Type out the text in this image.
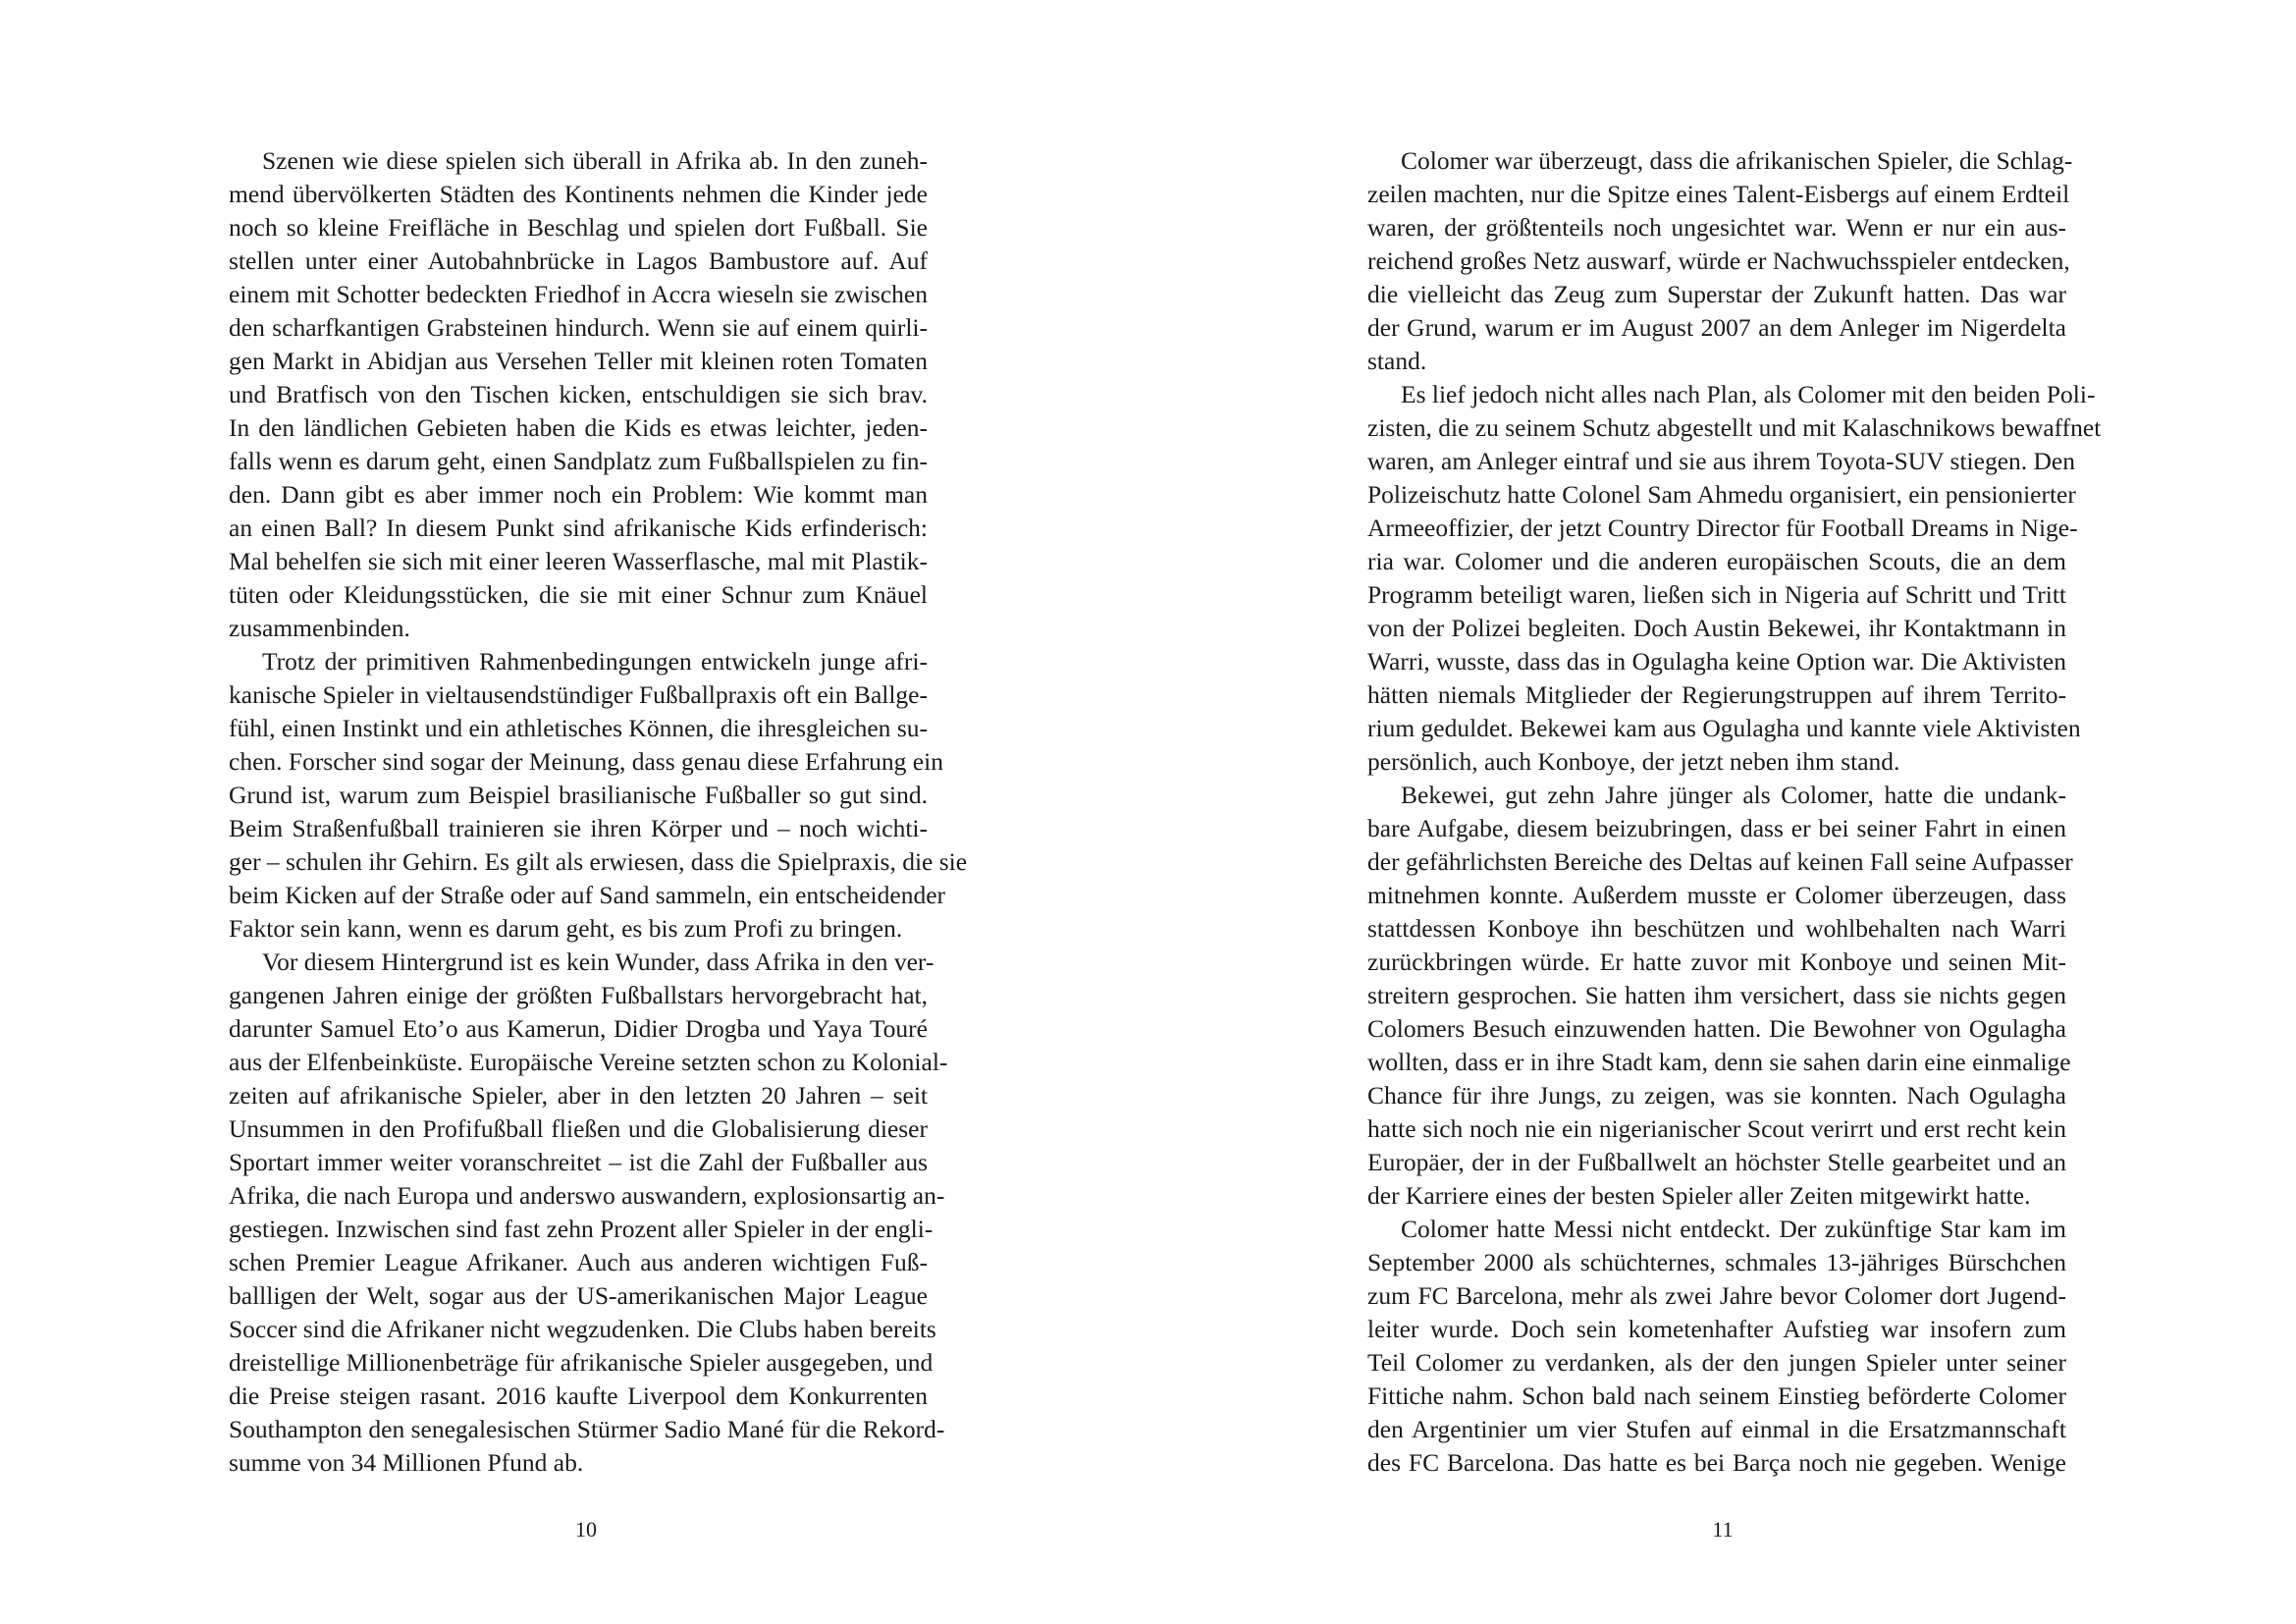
Szenen wie diese spielen sich überall in Afrika ab. In den zuneh-
mend übervölkerten Städten des Kontinents nehmen die Kinder jede
noch so kleine Freifläche in Beschlag und spielen dort Fußball. Sie
stellen unter einer Autobahnbrücke in Lagos Bambustore auf. Auf
einem mit Schotter bedeckten Friedhof in Accra wieseln sie zwischen
den scharfkantigen Grabsteinen hindurch. Wenn sie auf einem quirli-
gen Markt in Abidjan aus Versehen Teller mit kleinen roten Tomaten
und Bratfisch von den Tischen kicken, entschuldigen sie sich brav.
In den ländlichen Gebieten haben die Kids es etwas leichter, jeden-
falls wenn es darum geht, einen Sandplatz zum Fußballspielen zu fin-
den. Dann gibt es aber immer noch ein Problem: Wie kommt man
an einen Ball? In diesem Punkt sind afrikanische Kids erfinderisch:
Mal behelfen sie sich mit einer leeren Wasserflasche, mal mit Plastik-
tüten oder Kleidungsstücken, die sie mit einer Schnur zum Knäuel
zusammenbinden.
Trotz der primitiven Rahmenbedingungen entwickeln junge afri-
kanische Spieler in vieltausendstündiger Fußballpraxis oft ein Ballge-
fühl, einen Instinkt und ein athletisches Können, die ihresgleichen su-
chen. Forscher sind sogar der Meinung, dass genau diese Erfahrung ein
Grund ist, warum zum Beispiel brasilianische Fußballer so gut sind.
Beim Straßenfußball trainieren sie ihren Körper und – noch wichti-
ger – schulen ihr Gehirn. Es gilt als erwiesen, dass die Spielpraxis, die sie
beim Kicken auf der Straße oder auf Sand sammeln, ein entscheidender
Faktor sein kann, wenn es darum geht, es bis zum Profi zu bringen.
Vor diesem Hintergrund ist es kein Wunder, dass Afrika in den ver-
gangenen Jahren einige der größten Fußballstars hervorgebracht hat,
darunter Samuel Eto’o aus Kamerun, Didier Drogba und Yaya Touré
aus der Elfenbeinküste. Europäische Vereine setzten schon zu Kolonial-
zeiten auf afrikanische Spieler, aber in den letzten 20 Jahren – seit
Unsummen in den Profifußball fließen und die Globalisierung dieser
Sportart immer weiter voranschreitet – ist die Zahl der Fußballer aus
Afrika, die nach Europa und anderswo auswandern, explosionsartig an-
gestiegen. Inzwischen sind fast zehn Prozent aller Spieler in der engli-
schen Premier League Afrikaner. Auch aus anderen wichtigen Fuß-
ballligen der Welt, sogar aus der US-amerikanischen Major League
Soccer sind die Afrikaner nicht wegzudenken. Die Clubs haben bereits
dreistellige Millionenbeträge für afrikanische Spieler ausgegeben, und
die Preise steigen rasant. 2016 kaufte Liverpool dem Konkurrenten
Southampton den senegalesischen Stürmer Sadio Mané für die Rekord-
summe von 34 Millionen Pfund ab.
10
Colomer war überzeugt, dass die afrikanischen Spieler, die Schlag-
zeilen machten, nur die Spitze eines Talent-Eisbergs auf einem Erdteil
waren, der größtenteils noch ungesichtet war. Wenn er nur ein aus-
reichend großes Netz auswarf, würde er Nachwuchsspieler entdecken,
die vielleicht das Zeug zum Superstar der Zukunft hatten. Das war
der Grund, warum er im August 2007 an dem Anleger im Nigerdelta
stand.
Es lief jedoch nicht alles nach Plan, als Colomer mit den beiden Poli-
zisten, die zu seinem Schutz abgestellt und mit Kalaschnikows bewaffnet
waren, am Anleger eintraf und sie aus ihrem Toyota-SUV stiegen. Den
Polizeischutz hatte Colonel Sam Ahmedu organisiert, ein pensionierter
Armeeoffizier, der jetzt Country Director für Football Dreams in Nige-
ria war. Colomer und die anderen europäischen Scouts, die an dem
Programm beteiligt waren, ließen sich in Nigeria auf Schritt und Tritt
von der Polizei begleiten. Doch Austin Bekewei, ihr Kontaktmann in
Warri, wusste, dass das in Ogulagha keine Option war. Die Aktivisten
hätten niemals Mitglieder der Regierungstruppen auf ihrem Territo-
rium geduldet. Bekewei kam aus Ogulagha und kannte viele Aktivisten
persönlich, auch Konboye, der jetzt neben ihm stand.
Bekewei, gut zehn Jahre jünger als Colomer, hatte die undank-
bare Aufgabe, diesem beizubringen, dass er bei seiner Fahrt in einen
der gefährlichsten Bereiche des Deltas auf keinen Fall seine Aufpasser
mitnehmen konnte. Außerdem musste er Colomer überzeugen, dass
stattdessen Konboye ihn beschützen und wohlbehalten nach Warri
zurückbringen würde. Er hatte zuvor mit Konboye und seinen Mit-
streitern gesprochen. Sie hatten ihm versichert, dass sie nichts gegen
Colomers Besuch einzuwenden hatten. Die Bewohner von Ogulagha
wollten, dass er in ihre Stadt kam, denn sie sahen darin eine einmalige
Chance für ihre Jungs, zu zeigen, was sie konnten. Nach Ogulagha
hatte sich noch nie ein nigerianischer Scout verirrt und erst recht kein
Europäer, der in der Fußballwelt an höchster Stelle gearbeitet und an
der Karriere eines der besten Spieler aller Zeiten mitgewirkt hatte.
Colomer hatte Messi nicht entdeckt. Der zukünftige Star kam im
September 2000 als schüchternes, schmales 13-jähriges Bürschchen
zum FC Barcelona, mehr als zwei Jahre bevor Colomer dort Jugend-
leiter wurde. Doch sein kometenhafter Aufstieg war insofern zum
Teil Colomer zu verdanken, als der den jungen Spieler unter seiner
Fittiche nahm. Schon bald nach seinem Einstieg beförderte Colomer
den Argentinier um vier Stufen auf einmal in die Ersatzmannschaft
des FC Barcelona. Das hatte es bei Barça noch nie gegeben. Wenige
11
